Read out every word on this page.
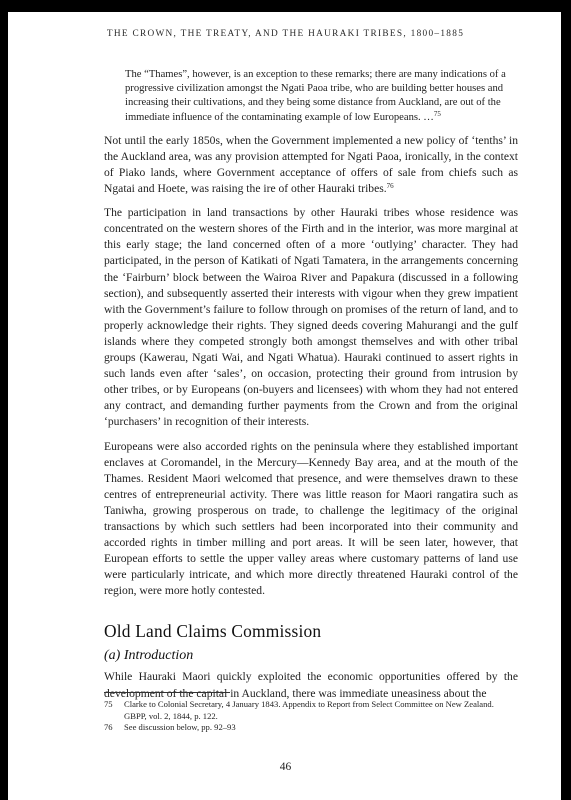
THE CROWN, THE TREATY, AND THE HAURAKI TRIBES, 1800–1885
The “Thames”, however, is an exception to these remarks; there are many indications of a progressive civilization amongst the Ngati Paoa tribe, who are building better houses and increasing their cultivations, and they being some distance from Auckland, are out of the immediate influence of the contaminating example of low Europeans. …$^{75}$

Not until the early 1850s, when the Government implemented a new policy of ‘tenths’ in the Auckland area, was any provision attempted for Ngati Paoa, ironically, in the context of Piako lands, where Government acceptance of offers of sale from chiefs such as Ngatai and Hoete, was raising the ire of other Hauraki tribes.$^{76}$

The participation in land transactions by other Hauraki tribes whose residence was concentrated on the western shores of the Firth and in the interior, was more marginal at this early stage; the land concerned often of a more ‘outlying’ character. They had participated, in the person of Katikati of Ngati Tamatera, in the arrangements concerning the ‘Fairburn’ block between the Wairoa River and Papakura (discussed in a following section), and subsequently asserted their interests with vigour when they grew impatient with the Government’s failure to follow through on promises of the return of land, and to properly acknowledge their rights. They signed deeds covering Mahurangi and the gulf islands where they competed strongly both amongst themselves and with other tribal groups (Kawerau, Ngati Wai, and Ngati Whatua). Hauraki continued to assert rights in such lands even after ‘sales’, on occasion, protecting their ground from intrusion by other tribes, or by Europeans (on-buyers and licensees) with whom they had not entered any contract, and demanding further payments from the Crown and from the original ‘purchasers’ in recognition of their interests.

Europeans were also accorded rights on the peninsula where they established important enclaves at Coromandel, in the Mercury—Kennedy Bay area, and at the mouth of the Thames. Resident Maori welcomed that presence, and were themselves drawn to these centres of entrepreneurial activity. There was little reason for Maori rangatira such as Taniwha, growing prosperous on trade, to challenge the legitimacy of the original transactions by which such settlers had been incorporated into their community and accorded rights in timber milling and port areas. It will be seen later, however, that European efforts to settle the upper valley areas where customary patterns of land use were particularly intricate, and which more directly threatened Hauraki control of the region, were more hotly contested.

Old Land Claims Commission
(a) Introduction

While Hauraki Maori quickly exploited the economic opportunities offered by the development of the capital in Auckland, there was immediate uneasiness about the

75	Clarke to Colonial Secretary, 4 January 1843. Appendix to Report from Select Committee on New Zealand. GBPP, vol. 2, 1844, p. 122.
76	See discussion below, pp. 92–93
46
